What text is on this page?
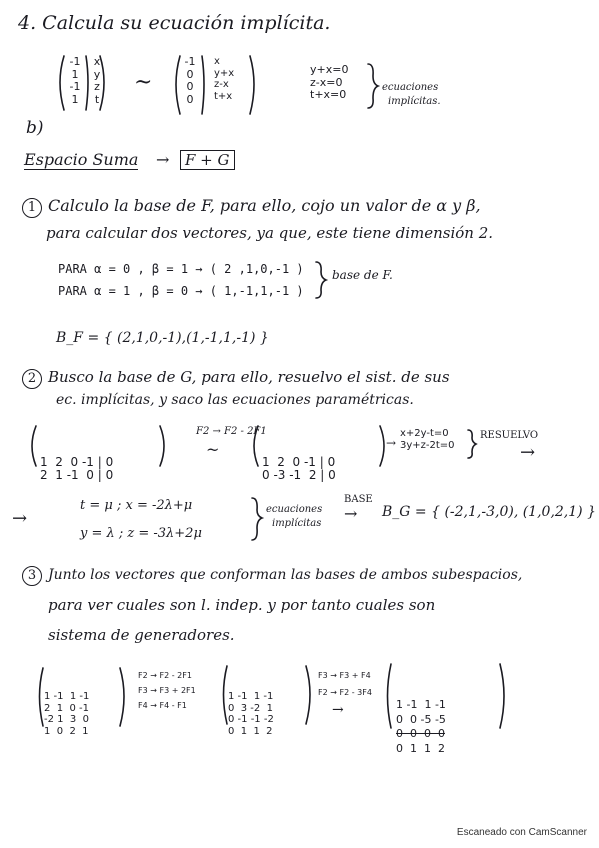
4. Calcula su ecuación implícita.
-1
1
-1
1
x
y
z
t
~
-1
0
0
0
x
y+x
z-x
t+x
y+x=0
z-x=0
t+x=0
ecuaciones
implícitas.
b)
Espacio Suma →	F + G
1 Calculo la base de F, para ello, cojo un valor de α y β,
para calcular dos vectores, ya que, este tiene dimensión 2.
PARA α = 0 , β = 1 → ( 2 ,1,0,-1 )
PARA α = 1 , β = 0 → ( 1,-1,1,-1 )
base de F.
B_F = { (2,1,0,-1),(1,-1,1,-1) }
2 Busco la base de G, para ello, resuelvo el sist. de sus
ec. implícitas, y saco las ecuaciones paramétricas.

1  2  0 -1 | 0
2  1 -1  0 | 0

F2 → F2 - 2F1
~

1  2  0 -1 | 0
0 -3 -1  2 | 0

→
x+2y-t=0
3y+z-2t=0
RESUELVO
→
→
t = μ ; x = -2λ+μ
y = λ ; z = -3λ+2μ
ecuaciones
implícitas
BASE
→ B_G = { (-2,1,-3,0), (1,0,2,1) }
3 Junto los vectores que conforman las bases de ambos subespacios,
para ver cuales son l. indep. y por tanto cuales son
sistema de generadores.

1 -1  1 -1
2  1  0 -1
-2 1  3  0
1  0  2  1

F2 → F2 - 2F1
F3 → F3 + 2F1
F4 → F4 - F1

1 -1  1 -1
0  3 -2  1
0 -1 -1 -2
0  1  1  2

F3 → F3 + F4
F2 → F2 - 3F4
→

	1 -1  1 -1
0  0 -5 -5
0  0  0  0
0  1  1  2

Escaneado con CamScanner
